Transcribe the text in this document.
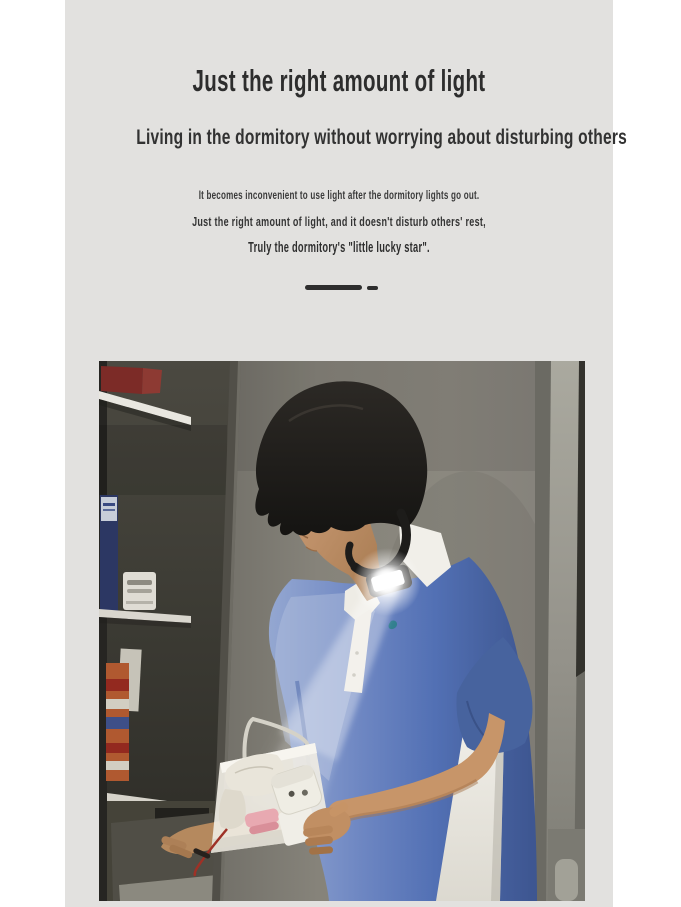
Just the right amount of light
Living in the dormitory without worrying about disturbing others

It becomes inconvenient to use light after the dormitory lights go out.

Just the right amount of light, and it doesn't disturb others' rest,

Truly the dormitory's "little lucky star".
